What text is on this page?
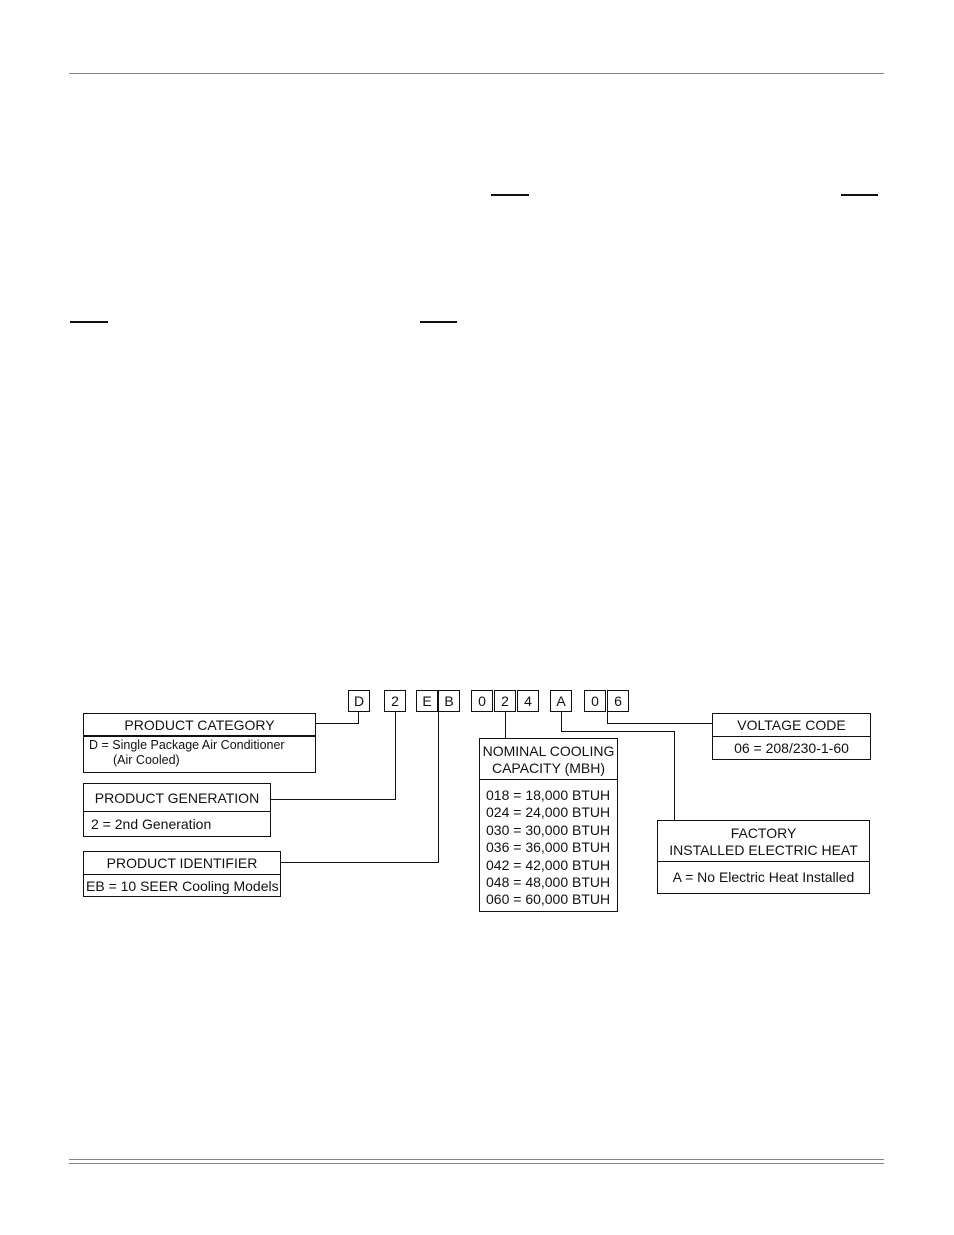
D	2	E B	0	2	4	A	0	6
PRODUCT CATEGORY
D = Single Package Air Conditioner
(Air Cooled)
PRODUCT GENERATION
2 = 2nd Generation
PRODUCT IDENTIFIER
EB = 10 SEER Cooling Models
NOMINAL COOLING
CAPACITY (MBH)
018 = 18,000 BTUH
024 = 24,000 BTUH
030 = 30,000 BTUH
036 = 36,000 BTUH
042 = 42,000 BTUH
048 = 48,000 BTUH
060 = 60,000 BTUH
FACTORY
INSTALLED ELECTRIC HEAT
A = No Electric Heat Installed
VOLTAGE CODE
06 = 208/230-1-60
